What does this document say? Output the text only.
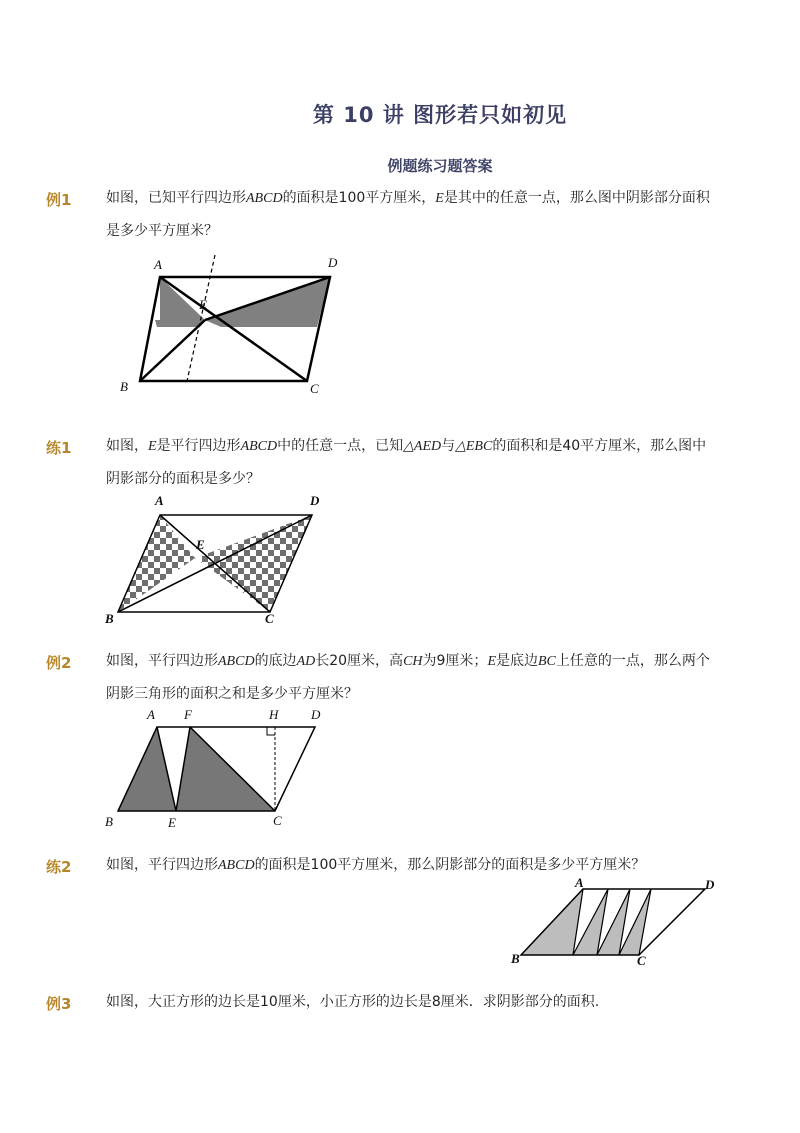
第 10 讲 图形若只如初见
例题练习题答案
例1 如图，已知平行四边形ABCD的面积是100平方厘米，E是其中的任意一点，那么图中阴影部分面积是多少平方厘米？
A	D
E
B	C
练1 如图，E是平行四边形ABCD中的任意一点，已知△AED与△EBC的面积和是40平方厘米，那么图中阴影部分的面积是多少？
A	D
E
B	C
例2 如图，平行四边形ABCD的底边AD长20厘米，高CH为9厘米；E是底边BC上任意的一点，那么两个阴影三角形的面积之和是多少平方厘米？
A F	H	D
B	E	C
练2 如图，平行四边形ABCD的面积是100平方厘米，那么阴影部分的面积是多少平方厘米？
A	D
B	C
例3 如图，大正方形的边长是10厘米，小正方形的边长是8厘米．求阴影部分的面积.
